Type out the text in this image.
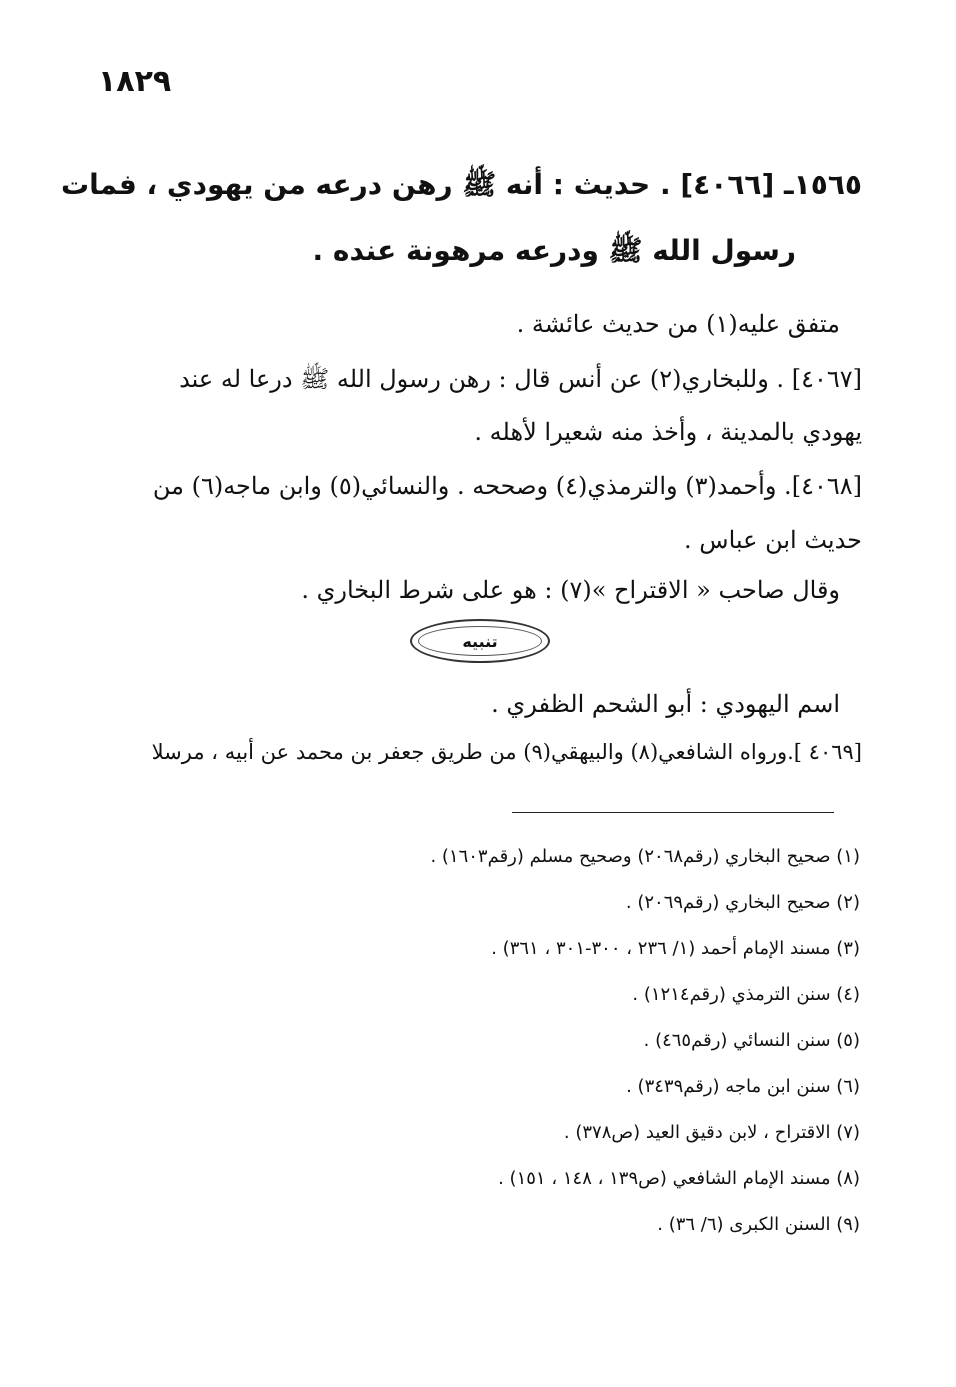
١٨٢٩
١٥٦٥ـ [٤٠٦٦] . حديث : أنه ﷺ رهن درعه من يهودي ، فمات
رسول الله ﷺ ودرعه مرهونة عنده .
متفق عليه(١) من حديث عائشة .
[٤٠٦٧] . وللبخاري(٢) عن أنس قال : رهن رسول الله ﷺ درعا له عند
يهودي بالمدينة ، وأخذ منه شعيرا لأهله .
[٤٠٦٨]. وأحمد(٣) والترمذي(٤) وصححه . والنسائي(٥) وابن ماجه(٦) من
حديث ابن عباس .
وقال صاحب « الاقتراح »(٧) : هو على شرط البخاري .
تنبيه
اسم اليهودي : أبو الشحم الظفري .
[٤٠٦٩ ].ورواه الشافعي(٨) والبيهقي(٩) من طريق جعفر بن محمد عن أبيه ، مرسلا
(١) صحيح البخاري (رقم٢٠٦٨) وصحيح مسلم (رقم١٦٠٣) .
(٢) صحيح البخاري (رقم٢٠٦٩) .
(٣) مسند الإمام أحمد (١/ ٢٣٦ ، ٣٠٠-٣٠١ ، ٣٦١) .
(٤) سنن الترمذي (رقم١٢١٤) .
(٥) سنن النسائي (رقم٤٦٥) .
(٦) سنن ابن ماجه (رقم٣٤٣٩) .
(٧) الاقتراح ، لابن دقيق العيد (ص٣٧٨) .
(٨) مسند الإمام الشافعي (ص١٣٩ ، ١٤٨ ، ١٥١) .
(٩) السنن الكبرى (٦/ ٣٦) .
